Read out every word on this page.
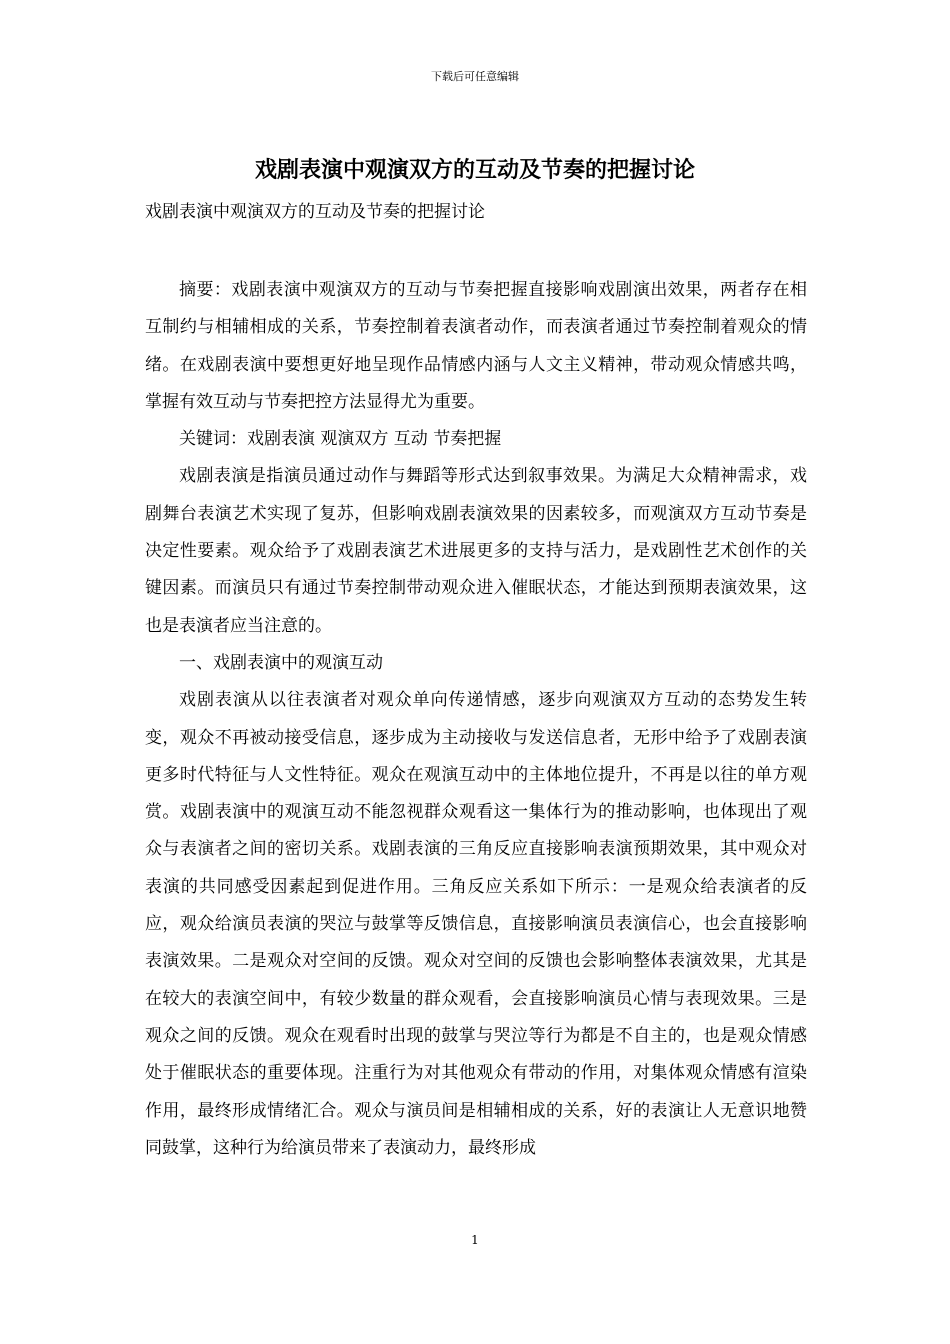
下载后可任意编辑
戏剧表演中观演双方的互动及节奏的把握讨论
戏剧表演中观演双方的互动及节奏的把握讨论

摘要：戏剧表演中观演双方的互动与节奏把握直接影响戏剧演出效果，两者存在相互制约与相辅相成的关系，节奏控制着表演者动作，而表演者通过节奏控制着观众的情绪。在戏剧表演中要想更好地呈现作品情感内涵与人文主义精神，带动观众情感共鸣，掌握有效互动与节奏把控方法显得尤为重要。

关键词：戏剧表演 观演双方 互动 节奏把握

戏剧表演是指演员通过动作与舞蹈等形式达到叙事效果。为满足大众精神需求，戏剧舞台表演艺术实现了复苏，但影响戏剧表演效果的因素较多，而观演双方互动节奏是决定性要素。观众给予了戏剧表演艺术进展更多的支持与活力，是戏剧性艺术创作的关键因素。而演员只有通过节奏控制带动观众进入催眠状态，才能达到预期表演效果，这也是表演者应当注意的。

一、戏剧表演中的观演互动

戏剧表演从以往表演者对观众单向传递情感，逐步向观演双方互动的态势发生转变，观众不再被动接受信息，逐步成为主动接收与发送信息者，无形中给予了戏剧表演更多时代特征与人文性特征。观众在观演互动中的主体地位提升，不再是以往的单方观赏。戏剧表演中的观演互动不能忽视群众观看这一集体行为的推动影响，也体现出了观众与表演者之间的密切关系。戏剧表演的三角反应直接影响表演预期效果，其中观众对表演的共同感受因素起到促进作用。三角反应关系如下所示：一是观众给表演者的反应，观众给演员表演的哭泣与鼓掌等反馈信息，直接影响演员表演信心，也会直接影响表演效果。二是观众对空间的反馈。观众对空间的反馈也会影响整体表演效果，尤其是在较大的表演空间中，有较少数量的群众观看，会直接影响演员心情与表现效果。三是观众之间的反馈。观众在观看时出现的鼓掌与哭泣等行为都是不自主的，也是观众情感处于催眠状态的重要体现。注重行为对其他观众有带动的作用，对集体观众情感有渲染作用，最终形成情绪汇合。观众与演员间是相辅相成的关系，好的表演让人无意识地赞同鼓掌，这种行为给演员带来了表演动力，最终形成

1
